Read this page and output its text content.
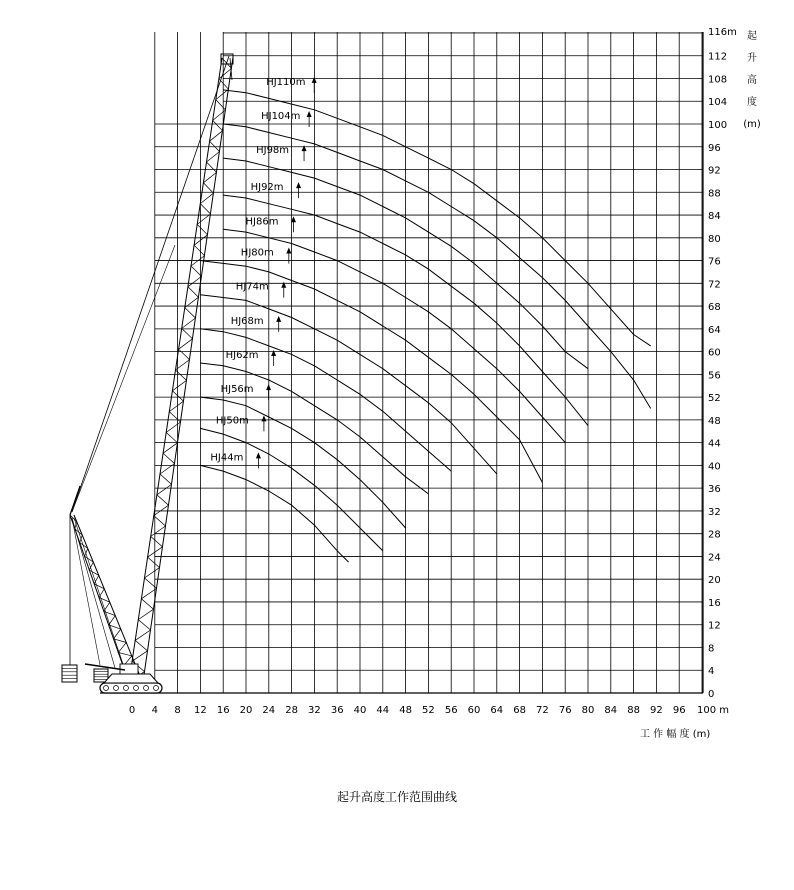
HJ44m
HJ50m
HJ56m
HJ62m
HJ68m
HJ74m
HJ80m
HJ86m
HJ92m
HJ98m
HJ104m
HJ110m
0 4 8 12 16 20 24 28 32 36 40 44 48 52 56 60 64 68 72 76 80 84 88 92 96
0
4
8
12
16
20
24
28
32
36
40
44
48
52
56
60
64
68
72
76
80
84
88
92
96
100
104
108
112
100 m
116m
工 作 幅 度 (m)
起
升
高
度
(m)
起升高度工作范围曲线
